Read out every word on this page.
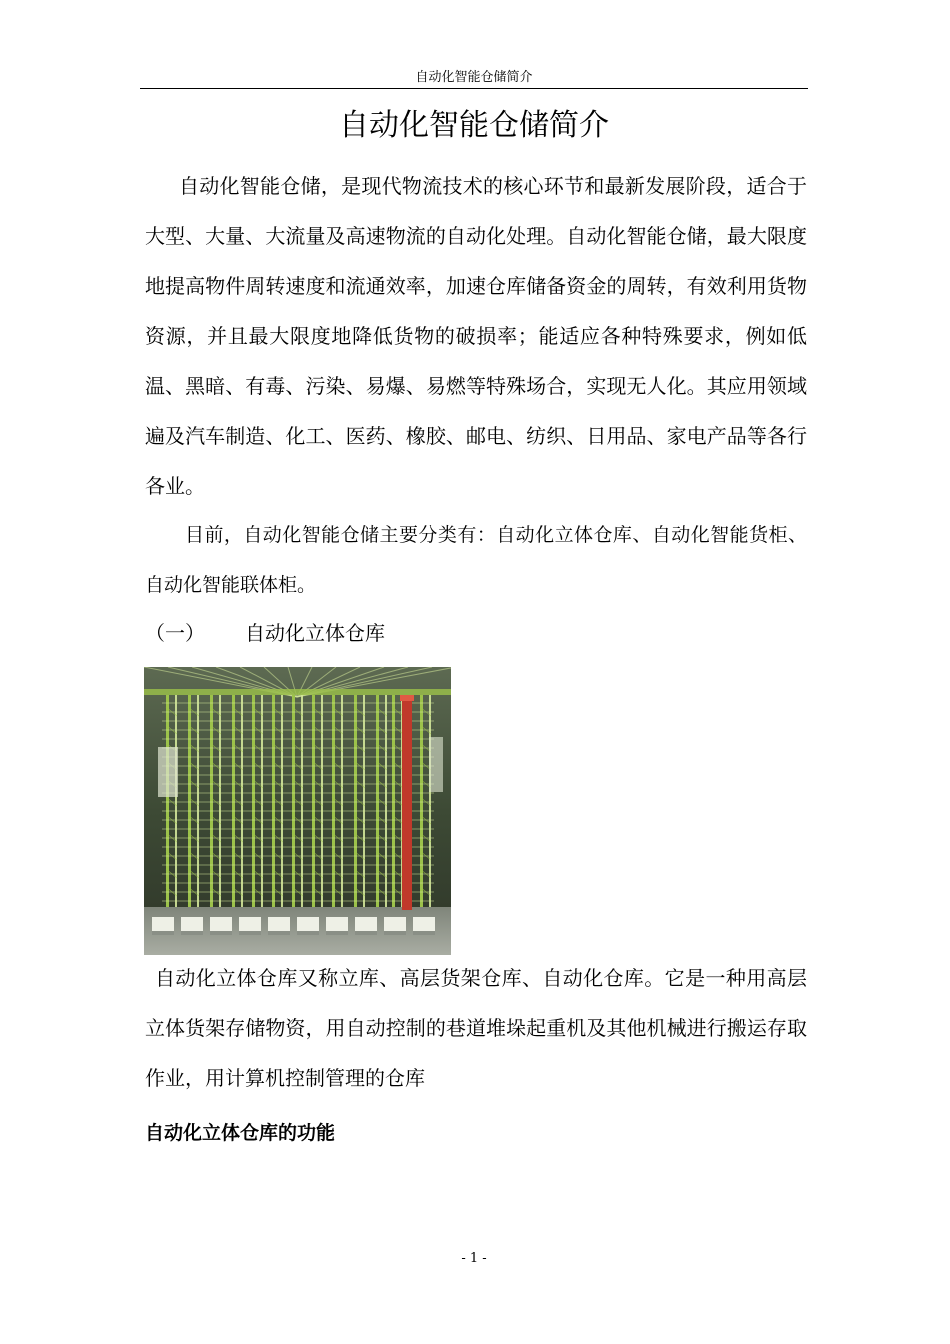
自动化智能仓储简介
自动化智能仓储简介

自动化智能仓储，是现代物流技术的核心环节和最新发展阶段，适合于大型、大量、大流量及高速物流的自动化处理。自动化智能仓储，最大限度地提高物件周转速度和流通效率，加速仓库储备资金的周转，有效利用货物资源，并且最大限度地降低货物的破损率；能适应各种特殊要求，例如低温、黑暗、有毒、污染、易爆、易燃等特殊场合，实现无人化。其应用领域遍及汽车制造、化工、医药、橡胶、邮电、纺织、日用品、家电产品等各行各业。

目前，自动化智能仓储主要分类有：自动化立体仓库、自动化智能货柜、自动化智能联体柜。

（一） 自动化立体仓库

自动化立体仓库又称立库、高层货架仓库、自动化仓库。它是一种用高层立体货架存储物资，用自动控制的巷道堆垛起重机及其他机械进行搬运存取作业，用计算机控制管理的仓库

自动化立体仓库的功能
- 1 -
